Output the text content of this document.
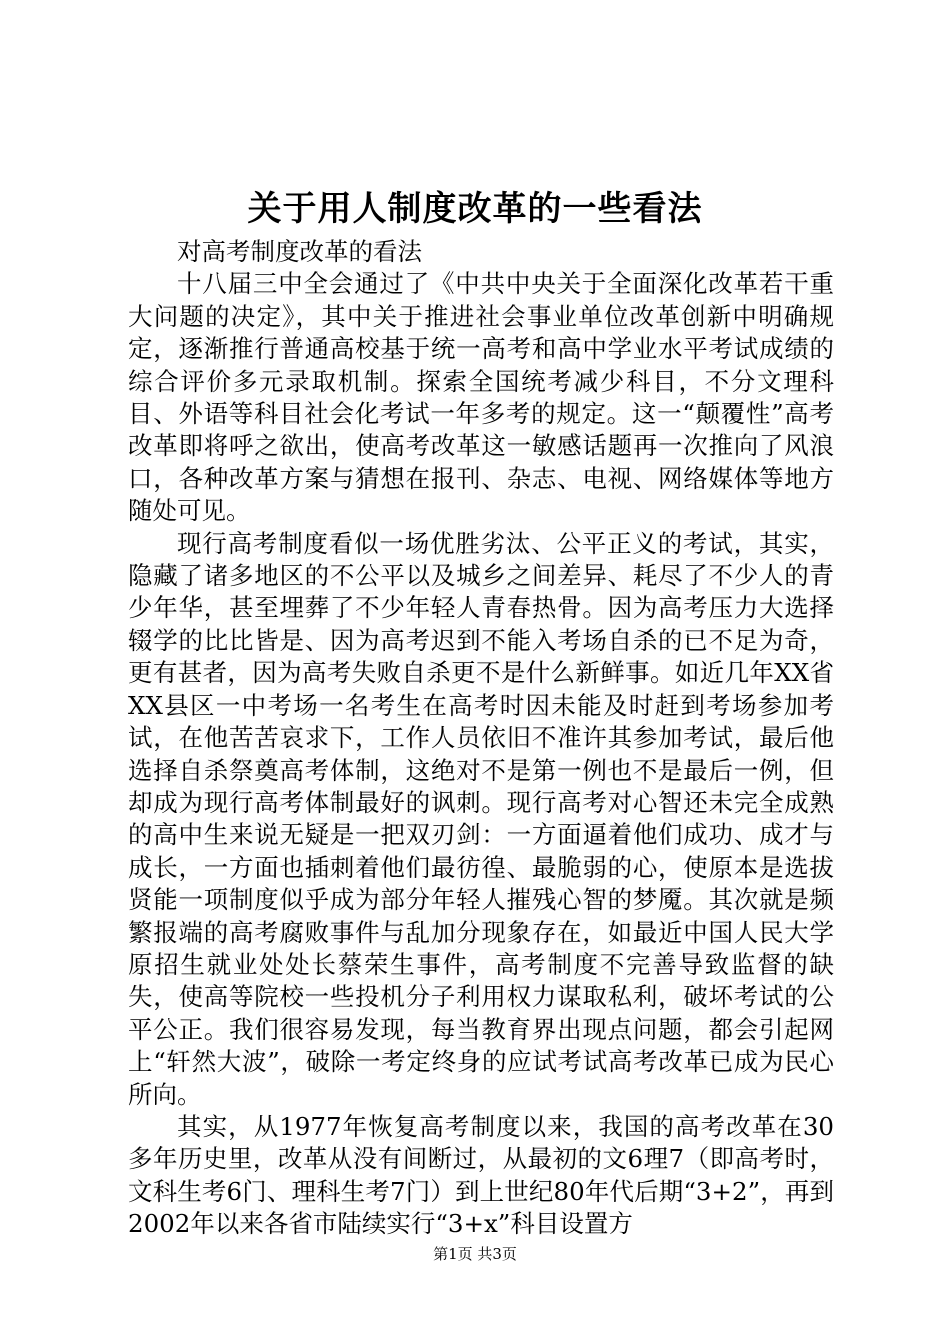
关于用人制度改革的一些看法

对高考制度改革的看法

十八届三中全会通过了《中共中央关于全面深化改革若干重大问题的决定》，其中关于推进社会事业单位改革创新中明确规定，逐渐推行普通高校基于统一高考和高中学业水平考试成绩的综合评价多元录取机制。探索全国统考减少科目，不分文理科目、外语等科目社会化考试一年多考的规定。这一“颠覆性”高考改革即将呼之欲出，使高考改革这一敏感话题再一次推向了风浪口，各种改革方案与猜想在报刊、杂志、电视、网络媒体等地方随处可见。

现行高考制度看似一场优胜劣汰、公平正义的考试，其实，隐藏了诸多地区的不公平以及城乡之间差异、耗尽了不少人的青少年华，甚至埋葬了不少年轻人青春热骨。因为高考压力大选择辍学的比比皆是、因为高考迟到不能入考场自杀的已不足为奇，更有甚者，因为高考失败自杀更不是什么新鲜事。如近几年XX省XX县区一中考场一名考生在高考时因未能及时赶到考场参加考试，在他苦苦哀求下，工作人员依旧不准许其参加考试，最后他选择自杀祭奠高考体制，这绝对不是第一例也不是最后一例，但却成为现行高考体制最好的讽刺。现行高考对心智还未完全成熟的高中生来说无疑是一把双刃剑：一方面逼着他们成功、成才与成长，一方面也插刺着他们最彷徨、最脆弱的心，使原本是选拔贤能一项制度似乎成为部分年轻人摧残心智的梦魇。其次就是频繁报端的高考腐败事件与乱加分现象存在，如最近中国人民大学原招生就业处处长蔡荣生事件，高考制度不完善导致监督的缺失，使高等院校一些投机分子利用权力谋取私利，破坏考试的公平公正。我们很容易发现，每当教育界出现点问题，都会引起网上“轩然大波”，破除一考定终身的应试考试高考改革已成为民心所向。

其实，从1977年恢复高考制度以来，我国的高考改革在30多年历史里，改革从没有间断过，从最初的文6理7（即高考时，文科生考6门、理科生考7门）到上世纪80年代后期“3+2”，再到2002年以来各省市陆续实行“3+x”科目设置方

第1页 共3页
